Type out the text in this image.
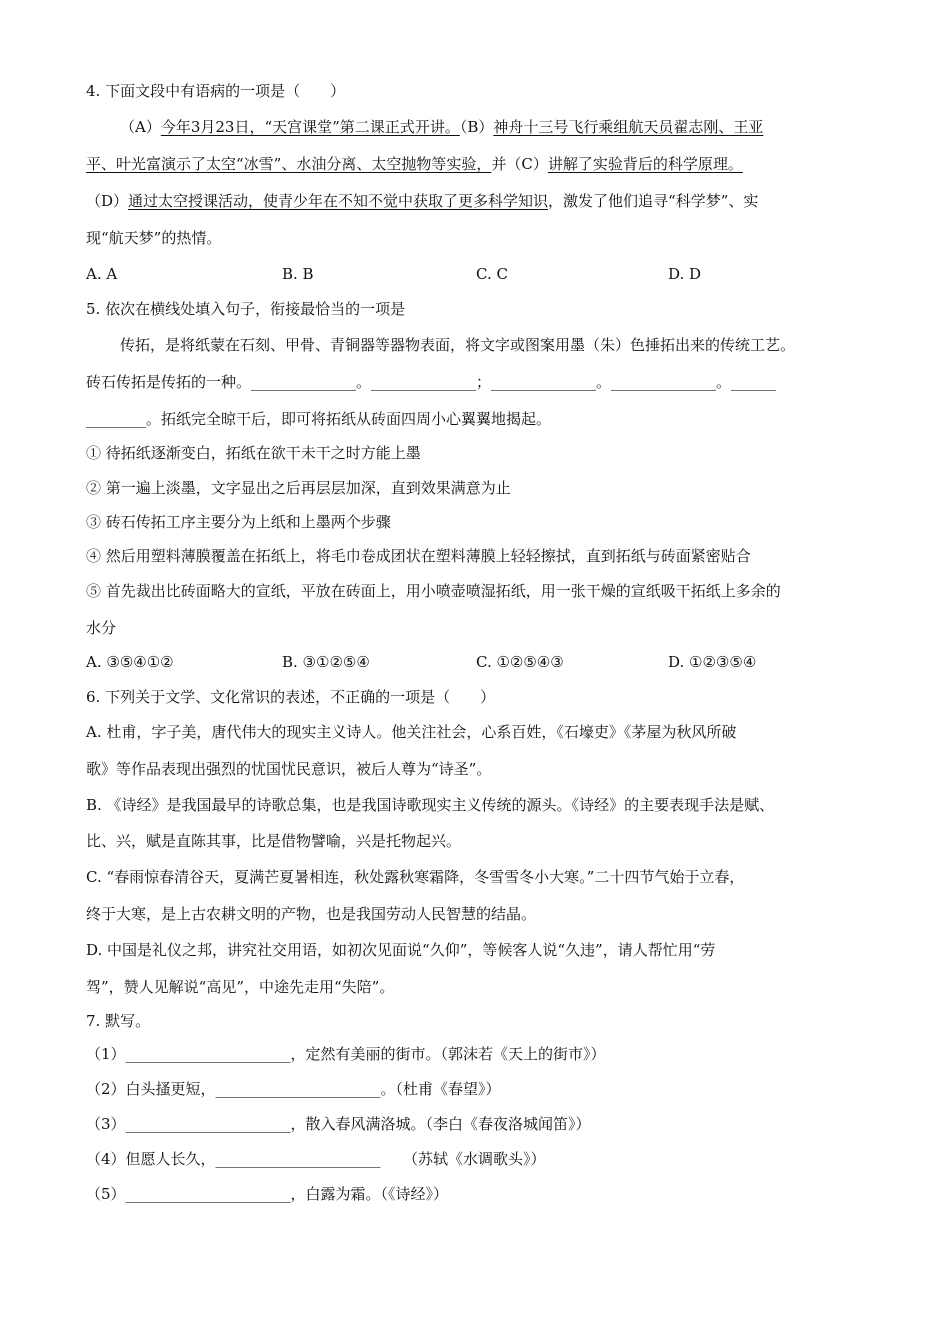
4. 下面文段中有语病的一项是（　　）
（A）今年3月23日，“天宫课堂”第二课正式开讲。（B）神舟十三号飞行乘组航天员翟志刚、王亚
平、叶光富演示了太空“冰雪”、水油分离、太空抛物等实验，并（C）讲解了实验背后的科学原理。
（D）通过太空授课活动，使青少年在不知不觉中获取了更多科学知识，激发了他们追寻“科学梦”、实
现“航天梦”的热情。
A. A	B. B	C. C	D. D
5. 依次在横线处填入句子，衔接最恰当的一项是
传拓，是将纸蒙在石刻、甲骨、青铜器等器物表面，将文字或图案用墨（朱）色捶拓出来的传统工艺。
砖石传拓是传拓的一种。______________。______________；______________。______________。______
________。拓纸完全晾干后，即可将拓纸从砖面四周小心翼翼地揭起。
① 待拓纸逐渐变白，拓纸在欲干未干之时方能上墨
② 第一遍上淡墨，文字显出之后再层层加深，直到效果满意为止
③ 砖石传拓工序主要分为上纸和上墨两个步骤
④ 然后用塑料薄膜覆盖在拓纸上，将毛巾卷成团状在塑料薄膜上轻轻擦拭，直到拓纸与砖面紧密贴合
⑤ 首先裁出比砖面略大的宣纸，平放在砖面上，用小喷壶喷湿拓纸，用一张干燥的宣纸吸干拓纸上多余的
水分
A. ③⑤④①②	B. ③①②⑤④	C. ①②⑤④③	D. ①②③⑤④
6. 下列关于文学、文化常识的表述，不正确的一项是（　　）
A. 杜甫，字子美，唐代伟大的现实主义诗人。他关注社会，心系百姓，《石壕吏》《茅屋为秋风所破
歌》等作品表现出强烈的忧国忧民意识，被后人尊为“诗圣”。
B. 《诗经》是我国最早的诗歌总集，也是我国诗歌现实主义传统的源头。《诗经》的主要表现手法是赋、
比、兴，赋是直陈其事，比是借物譬喻，兴是托物起兴。
C. “春雨惊春清谷天，夏满芒夏暑相连，秋处露秋寒霜降，冬雪雪冬小大寒。”二十四节气始于立春，
终于大寒，是上古农耕文明的产物，也是我国劳动人民智慧的结晶。
D. 中国是礼仪之邦，讲究社交用语，如初次见面说“久仰”，等候客人说“久违”，请人帮忙用“劳
驾”，赞人见解说“高见”，中途先走用“失陪”。
7. 默写。
（1）______________________，定然有美丽的街市。（郭沫若《天上的街市》）
（2）白头搔更短，______________________。（杜甫《春望》）
（3）______________________，散入春风满洛城。（李白《春夜洛城闻笛》）
（4）但愿人长久，______________________　　（苏轼《水调歌头》）
（5）______________________，白露为霜。（《诗经》）
